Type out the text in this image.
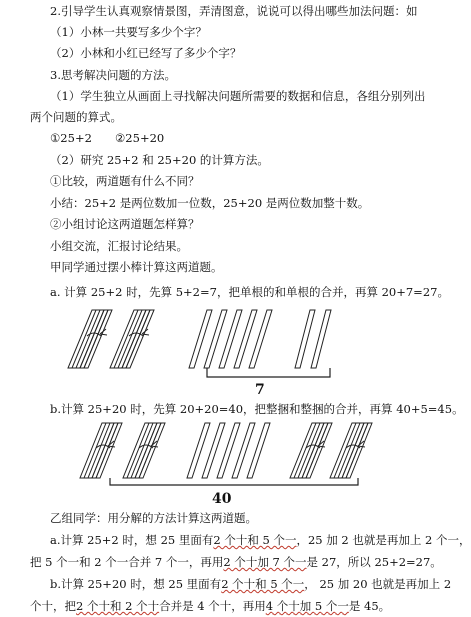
2.引导学生认真观察情景图，弄清图意，说说可以得出哪些加法问题：如
（1）小林一共要写多少个字？
（2）小林和小红已经写了多少个字？
3.思考解决问题的方法。
（1）学生独立从画面上寻找解决问题所需要的数据和信息，各组分别列出
两个问题的算式。
①25+2 ②25+20
（2）研究 25+2 和 25+20 的计算方法。
①比较，两道题有什么不同？
小结：25+2 是两位数加一位数，25+20 是两位数加整十数。
②小组讨论这两道题怎样算？
小组交流，汇报讨论结果。
甲同学通过摆小棒计算这两道题。
a. 计算 25+2 时，先算 5+2=7，把单根的和单根的合并，再算 20+7=27。
7
b.计算 25+20 时，先算 20+20=40，把整捆和整捆的合并，再算 40+5=45。
40
乙组同学：用分解的方法计算这两道题。
a.计算 25+2 时，想 25 里面有2 个十和 5 个一，25 加 2 也就是再加上 2 个一，
把 5 个一和 2 个一合并 7 个一，再用2 个十加 7 个一是 27，所以 25+2=27。
b.计算 25+20 时，想 25 里面有2 个十和 5 个一， 25 加 20 也就是再加上 2
个十，把2 个十和 2 个十合并是 4 个十，再用4 个十加 5 个一是 45。
